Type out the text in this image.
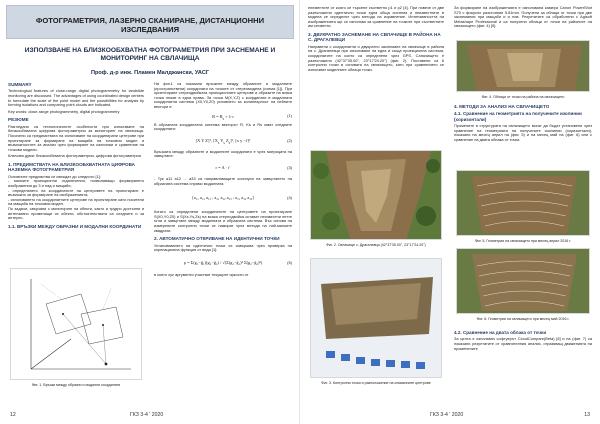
ФОТОГРАМЕТРИЯ, ЛАЗЕРНО СКАНИРАНЕ, ДИСТАНЦИОННИ
ИЗСЛЕДВАНИЯ
ИЗПОЛЗВАНЕ НА БЛИЗКООБХВАТНА ФОТОГРАМЕТРИЯ ПРИ ЗАСНЕМАНЕ И
МОНИТОРИНГ НА СВЛАЧИЩА
Проф. д-р инж. Пламен Малджански, УАСГ
SUMMARY
Technological features of close-range digital photogrammetry for landslide monitoring are discussed. The advantages of using coordinated design centers to formulate the scale of the point model and the possibilities for analysis by forming isolations and comparing point clouds are indicated.
Key words: close-range photogrammetry, digital photogrammetry
РЕЗЮМЕ
Разгледани са технологичните особености при използване на близкообхватна цифрова фотограметрия за мониторинг на свлачища. Посочени са предимствата на използване на координирани центрове при проектиране за формиране на мащаба на точковия модел и възможностите за анализ чрез формиране на изолинии и сравнение на точкови модели.
Ключови думи: близкообхватна фотограметрия, цифрова фотограметрия
1. ПРЕДИМСТВАТА НА БЛИЗКООБХВАТНАТА ЦИФРОВА НАЗЕМНА ФОТОГРАМЕТРИЯ
Основните предимства се свеждат до следното [1]:
- малките проекционни отдалечения, позволяващи формирането изображения до 3 и над и мащаби;
- определянето на координатите на центровете на проектиране е възможно за формиране на изображенията;
- използването на координатните центрове на проектиране като носители на мащаба на точковия модел.
По задачи, свързани с мониторинг на обекти, както и трудно достъпни и интензивно променящи се обекти, обстоятелствата са следните и за интерес.
1.1. ВРЪЗКИ МЕЖДУ ОБРАЗНИ И МОДАЛНИ КООРДИНАТИ
Фиг. 1. Връзки между образни и модални координати
На фиг.1 са показани връзките между образните и модалните (пространствени) координати на точките от стереомодела (схема [1]). При ориентиране стереодвойката проекционните центрове и образите на всяка точка лежат в една права. За точка M(X,Y,Z) с координати в модалната координатна система (X0,Y0,Z0) условието за колинеарност на нейните вектори е:
$R = R_s + \lambda\cdot r$	(1)
В образната координатна система векторът R, Ks и Rs имат следните координати:
[X Y Z]ᵀ, [$X_s$ $Y_s$ $Z_s]ᵀ$, [x y −f]ᵀ	(2)
Връзката между образните и модалните координати е чрез матрицата на завъртане:
r = A · r′	(3)
- Тук a11 a12 ... a33 са направляващите косинуси на завъртането на образната система спрямо модалната.
[a₁₁ a₁₂ a₁₃ ; a₂₁ a₂₂ a₂₃ ; a₃₁ a₃₂ a₃₃]	(4)
Когато са определени координатите на центровете на проектиране S(X0,Y0,Z0) и S(Xs,Ys,Zs) на всяка стереодвойка остават неизвестни петте ъгли и завъртане между модалната и образната система. Въз основа на измерените контролни точки се намират чрез метода на най-малките квадрати.
2. АВТОМАТИЧНО ОТКРИВАНЕ НА ИДЕНТИЧНИ ТОЧКИ
Установяването на идентични точки се извършва чрез проверка на корелационна функция от вида [1]:
ρ = Σ(g₁−ḡ₁)(g₂−ḡ₂) / √(Σ(g₁−ḡ₁)² Σ(g₂−ḡ₂)²)	(5)
в която xyz аргументи участват текущите яркости от
12	ГКЗ 3-4 ' 2020
елементите от която се търсене съответно p1 и p2 [4]. При повече от две разположени идентични точки една обща система и неизвестните в модела се определят чрез метода на изравнение. Интензивността на изображенията ще се използва за сравнение на точките при съответните им сегменти.
3. ДВУКРАТНО ЗАСНЕМАНЕ НА СВЛАЧИЩЕ В РАЙОНА НА С. ДРАГАЛЕВЦИ
Направени с координатни и двукратно заснемане на свлачище в района на с. Драгалевци при използване на една и съща проекционна система, координатите на които са определени чрез GPS. Сапачището е разположено (42°37'35.00", 23°17'24.20") (фиг. 2). Поставени са 6 контролни точки в основата на свлачището, като при сравнението се използват моделните облаци точки.
Фиг. 2. Свлачище с. Драгалевци (42°37'35.00", 23°17'24.20")
Фиг. 3. Контролни точки и разположение на снимачните центрове
За формиране на изображенията е използвана камера Canon PowerShot S70 с фокусно разстояние 5.81mm. Получени за облаци от точки при две заснемания при мащаби и и нов. Резултатите са обработени с Agisoft Metashape Professional и са получени облаци от точки на районите на свлачището (фиг. 4) [5].
Фиг. 4. Облаци от точки на района на свлачището
4. МЕТОДИ ЗА АНАЛИЗ НА СВЛАЧИЩЕТО
4.1. Сравнение на геометрията на получените изолинии (хоризонтали)
Промените в структурата на свлачището могат да бъдат установени чрез сравнение на геометрията на получените изолинии (хоризонтали), показани на месец април на (фиг. 5) и на месец май на (фиг. 6) или с сравнение на двата облака от точки.
Фиг. 5. Геометрия на свлачището при месец април 2016 г.
Фиг. 6. Геометрия на свлачището при месец май 2016 г.
4.2. Сравнение на двата облака от точки
За целта е използван софтуерът CloudCompare(Beta) [6] и на (фиг. 7) са показани резултатите от сравнителния анализ, отразяващ движенията на променените
ГКЗ 3-4 ' 2020	13
